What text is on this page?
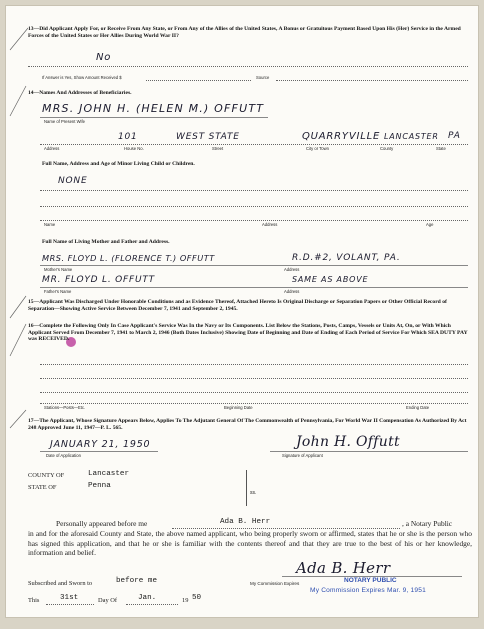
13—Did Applicant Apply For, or Receive From Any State, or From Any of the Allies of the United States, A Bonus or Gratuitous Payment Based Upon His (Her) Service in the Armed Forces of the United States or Her Allies During World War II?
No
If Answer is Yes, Show Amount Received $	Source
14—Names And Addresses of Beneficiaries.
MRS. JOHN H. (HELEN M.) OFFUTT
Name of Present Wife
101	WEST STATE	QUARRYVILLE LANCASTER PA
Address	House No.	Street	City or Town	County	State
Full Name, Address and Age of Minor Living Child or Children.
NONE
Name	Address	Age
Full Name of Living Mother and Father and Address.
MRS. FLOYD L. (FLORENCE T.) OFFUTT	R.D.#2, VOLANT, PA.
Mother's Name	Address
MR. FLOYD L. OFFUTT	SAME AS ABOVE
Father's Name	Address
15—Applicant Was Discharged Under Honorable Conditions and as Evidence Thereof, Attached Hereto Is Original Discharge or Separation Papers or Other Official Record of Separation—Showing Active Service Between December 7, 1941 and September 2, 1945.
16—Complete the Following Only In Case Applicant's Service Was In the Navy or Its Components. List Below the Stations, Posts, Camps, Vessels or Units At, On, or With Which Applicant Served From December 7, 1941 to March 2, 1946 (Both Dates Inclusive) Showing Date of Beginning and Date of Ending of Each Period of Service For Which SEA DUTY PAY was RECEIVED.
Stations—Posts—Etc.	Beginning Date	Ending Date
17—The Applicant, Whose Signature Appears Below, Applies To The Adjutant General Of The Commonwealth of Pennsylvania, For World War II Compensation As Authorized By Act 248 Approved June 11, 1947—P. L. 565.
JANUARY 21, 1950
Date of Application
John H. Offutt
Signature of Applicant
COUNTY OF	Lancaster
STATE OF	Penna
ss.
Personally appeared before me	Ada B. Herr	, a Notary Public
in and for the aforesaid County and State, the above named applicant, who being properly sworn or affirmed, states that he or she is the person who has signed this application, and that he or she is familiar with the contents thereof and that they are true to the best of his or her knowledge, information and belief.
Subscribed and Sworn to	before me
This	31st	Day Of	Jan.	19 50
Ada B. Herr
My Commission Expires	NOTARY PUBLIC
My Commission Expires Mar. 9, 1951
